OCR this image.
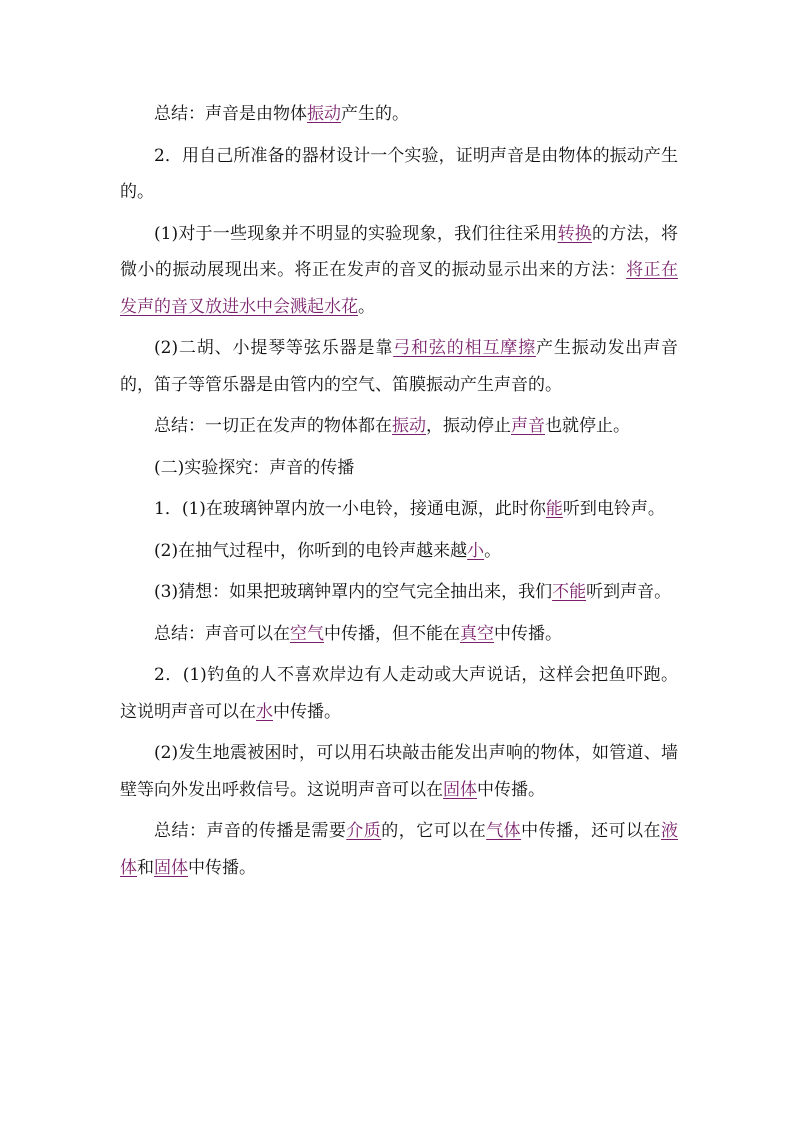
总结：声音是由物体振动产生的。

2．用自己所准备的器材设计一个实验，证明声音是由物体的振动产生的。

(1)对于一些现象并不明显的实验现象，我们往往采用转换的方法，将微小的振动展现出来。将正在发声的音叉的振动显示出来的方法：将正在发声的音叉放进水中会溅起水花。

(2)二胡、小提琴等弦乐器是靠弓和弦的相互摩擦产生振动发出声音的，笛子等管乐器是由管内的空气、笛膜振动产生声音的。

总结：一切正在发声的物体都在振动，振动停止声音也就停止。

(二)实验探究：声音的传播

1．(1)在玻璃钟罩内放一小电铃，接通电源，此时你能听到电铃声。

(2)在抽气过程中，你听到的电铃声越来越小。

(3)猜想：如果把玻璃钟罩内的空气完全抽出来，我们不能听到声音。

总结：声音可以在空气中传播，但不能在真空中传播。

2．(1)钓鱼的人不喜欢岸边有人走动或大声说话，这样会把鱼吓跑。这说明声音可以在水中传播。

(2)发生地震被困时，可以用石块敲击能发出声响的物体，如管道、墙壁等向外发出呼救信号。这说明声音可以在固体中传播。

总结：声音的传播是需要介质的，它可以在气体中传播，还可以在液体和固体中传播。
